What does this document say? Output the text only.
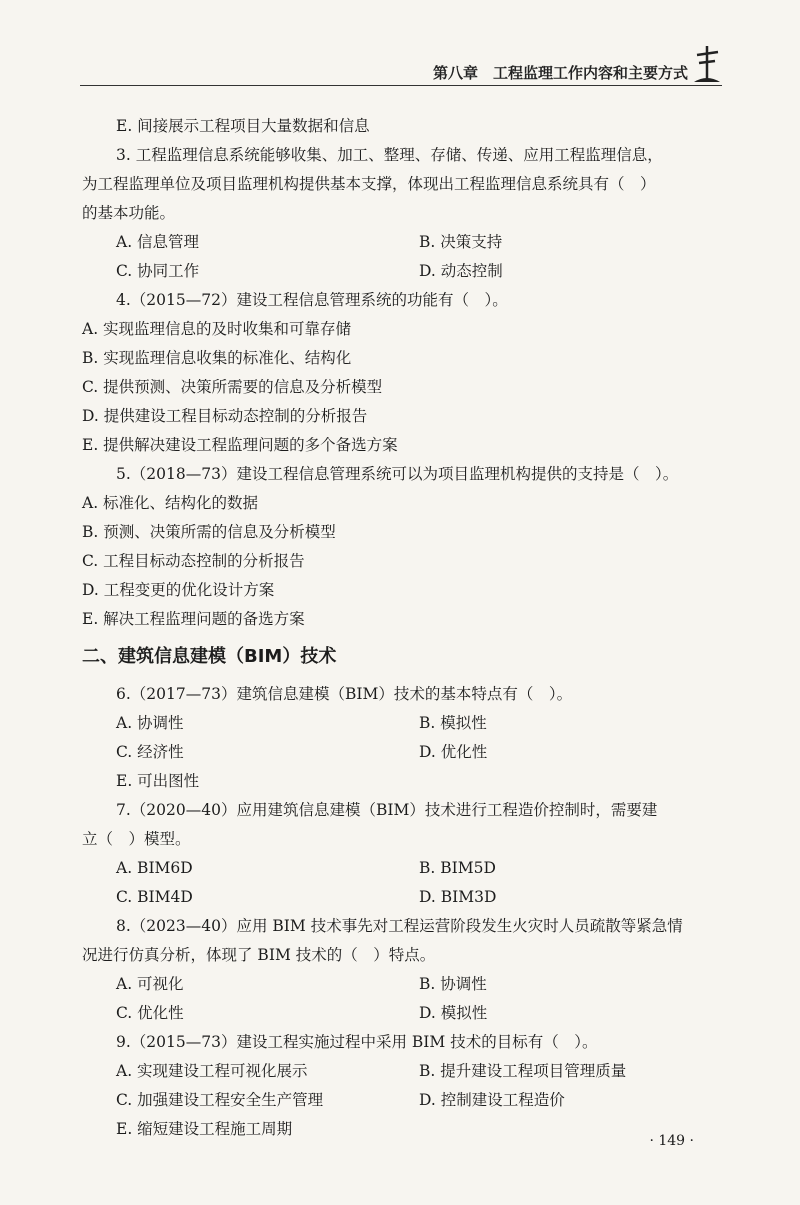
第八章　工程监理工作内容和主要方式
E. 间接展示工程项目大量数据和信息
3. 工程监理信息系统能够收集、加工、整理、存储、传递、应用工程监理信息，
为工程监理单位及项目监理机构提供基本支撑，体现出工程监理信息系统具有（　）
的基本功能。
A. 信息管理	B. 决策支持
C. 协同工作	D. 动态控制
4.（2015—72）建设工程信息管理系统的功能有（　）。
A. 实现监理信息的及时收集和可靠存储
B. 实现监理信息收集的标准化、结构化
C. 提供预测、决策所需要的信息及分析模型
D. 提供建设工程目标动态控制的分析报告
E. 提供解决建设工程监理问题的多个备选方案
5.（2018—73）建设工程信息管理系统可以为项目监理机构提供的支持是（　）。
A. 标准化、结构化的数据
B. 预测、决策所需的信息及分析模型
C. 工程目标动态控制的分析报告
D. 工程变更的优化设计方案
E. 解决工程监理问题的备选方案
二、建筑信息建模（BIM）技术
6.（2017—73）建筑信息建模（BIM）技术的基本特点有（　）。
A. 协调性	B. 模拟性
C. 经济性	D. 优化性
E. 可出图性
7.（2020—40）应用建筑信息建模（BIM）技术进行工程造价控制时，需要建
立（　）模型。
A. BIM6D	B. BIM5D
C. BIM4D	D. BIM3D
8.（2023—40）应用 BIM 技术事先对工程运营阶段发生火灾时人员疏散等紧急情
况进行仿真分析，体现了 BIM 技术的（　）特点。
A. 可视化	B. 协调性
C. 优化性	D. 模拟性
9.（2015—73）建设工程实施过程中采用 BIM 技术的目标有（　）。
A. 实现建设工程可视化展示	B. 提升建设工程项目管理质量
C. 加强建设工程安全生产管理	D. 控制建设工程造价
E. 缩短建设工程施工周期
· 149 ·
